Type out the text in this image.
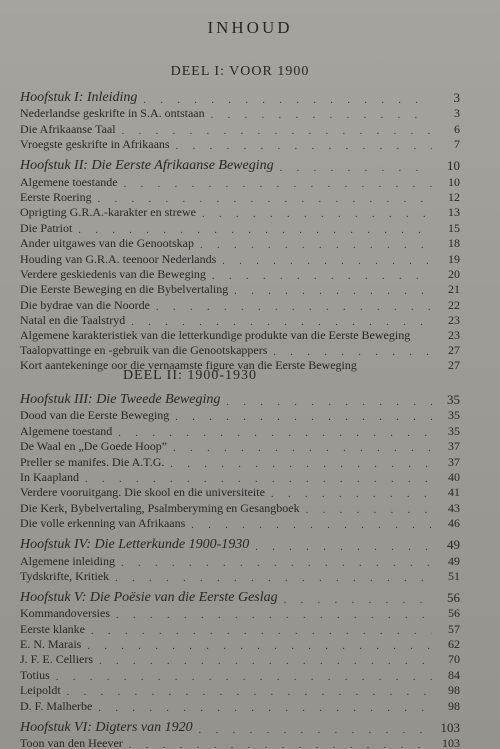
INHOUD
DEEL I: VOOR 1900
Hoofstuk I: Inleiding . . .	3
Nederlandse geskrifte in S.A. ontstaan . . .	3
Die Afrikaanse Taal . . .	6
Vroegste geskrifte in Afrikaans . . .	7
Hoofstuk II: Die Eerste Afrikaanse Beweging . . .	10
Algemene toestande . . .	10
Eerste Roering . . .	12
Oprigting G.R.A.-karakter en strewe . . .	13
Die Patriot . . .	15
Ander uitgawes van die Genootskap . . .	18
Houding van G.R.A. teenoor Nederlands . . .	19
Verdere geskiedenis van die Beweging . . .	20
Die Eerste Beweging en die Bybelvertaling . . .	21
Die bydrae van die Noorde . . .	22
Natal en die Taalstryd . . .	23
Algemene karakteristiek van die letterkundige produkte van die Eerste Beweging	23
Taalopvattinge en -gebruik van die Genootskappers . . .	27
Kort aantekeninge oor die vernaamste figure van die Eerste Beweging	27
DEEL II: 1900-1930
Hoofstuk III: Die Tweede Beweging . . .	35
Dood van die Eerste Beweging . . .	35
Algemene toestand . . .	35
De Waal en „De Goede Hoop” . . .	37
Preller se manifes. Die A.T.G. . . .	37
In Kaapland . . .	40
Verdere vooruitgang. Die skool en die universiteite . . .	41
Die Kerk, Bybelvertaling, Psalmberyming en Gesangboek . . .	43
Die volle erkenning van Afrikaans . . .	46
Hoofstuk IV: Die Letterkunde 1900-1930 . . .	49
Algemene inleiding . . .	49
Tydskrifte, Kritiek . . .	51
Hoofstuk V: Die Poësie van die Eerste Geslag . . .	56
Kommandoversies . . .	56
Eerste klanke . . .	57
E. N. Marais . . .	62
J. F. E. Celliers . . .	70
Totius . . .	84
Leipoldt . . .	98
D. F. Malherbe . . .	98
Hoofstuk VI: Digters van 1920 . . .	103
Toon van den Heever . . .	103
